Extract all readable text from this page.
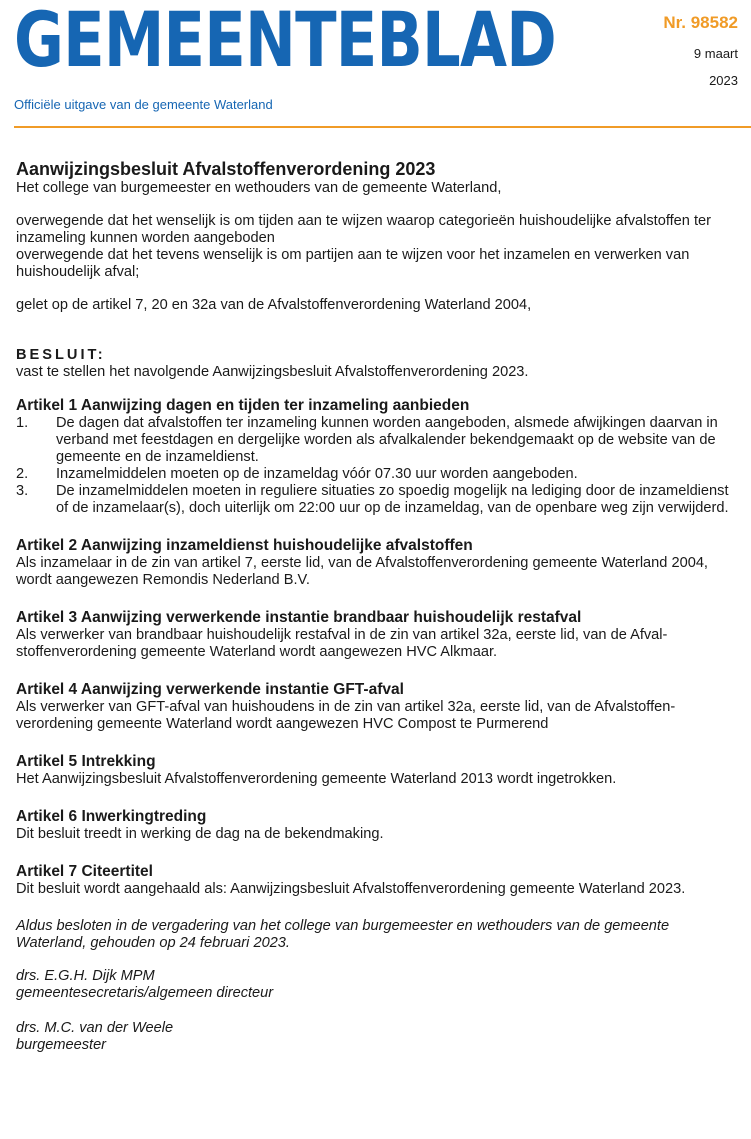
GEMEENTEBLAD
Officiële uitgave van de gemeente Waterland
Nr. 98582
9 maart
2023

Aanwijzingsbesluit Afvalstoffenverordening 2023

Het college van burgemeester en wethouders van de gemeente Waterland,

overwegende dat het wenselijk is om tijden aan te wijzen waarop categorieën huishoudelijke afvalstoffen ter inzameling kunnen worden aangeboden

overwegende dat het tevens wenselijk is om partijen aan te wijzen voor het inzamelen en verwerken van huishoudelijk afval;

gelet op de artikel 7, 20 en 32a van de Afvalstoffenverordening Waterland 2004,

BESLUIT:

vast te stellen het navolgende Aanwijzingsbesluit Afvalstoffenverordening 2023.

Artikel 1 Aanwijzing dagen en tijden ter inzameling aanbieden
1. De dagen dat afvalstoffen ter inzameling kunnen worden aangeboden, alsmede afwijkingen daarvan in verband met feestdagen en dergelijke worden als afvalkalender bekendgemaakt op de website van de gemeente en de inzameldienst.
2. Inzamelmiddelen moeten op de inzameldag vóór 07.30 uur worden aangeboden.
3. De inzamelmiddelen moeten in reguliere situaties zo spoedig mogelijk na lediging door de inzameldienst of de inzamelaar(s), doch uiterlijk om 22:00 uur op de inzameldag, van de openbare weg zijn verwijderd.
Artikel 2 Aanwijzing inzameldienst huishoudelijke afvalstoffen

Als inzamelaar in de zin van artikel 7, eerste lid, van de Afvalstoffenverordening gemeente Waterland 2004, wordt aangewezen Remondis Nederland B.V.

Artikel 3 Aanwijzing verwerkende instantie brandbaar huishoudelijk restafval

Als verwerker van brandbaar huishoudelijk restafval in de zin van artikel 32a, eerste lid, van de Afvalstoffenverordening gemeente Waterland wordt aangewezen HVC Alkmaar.

Artikel 4 Aanwijzing verwerkende instantie GFT-afval

Als verwerker van GFT-afval van huishoudens in de zin van artikel 32a, eerste lid, van de Afvalstoffenverordening gemeente Waterland wordt aangewezen HVC Compost te Purmerend

Artikel 5 Intrekking

Het Aanwijzingsbesluit Afvalstoffenverordening gemeente Waterland 2013 wordt ingetrokken.

Artikel 6 Inwerkingtreding

Dit besluit treedt in werking de dag na de bekendmaking.

Artikel 7 Citeertitel

Dit besluit wordt aangehaald als: Aanwijzingsbesluit Afvalstoffenverordening gemeente Waterland 2023.

Aldus besloten in de vergadering van het college van burgemeester en wethouders van de gemeente Waterland, gehouden op 24 februari 2023.

drs. E.G.H. Dijk MPM

gemeentesecretaris/algemeen directeur

drs. M.C. van der Weele

burgemeester
